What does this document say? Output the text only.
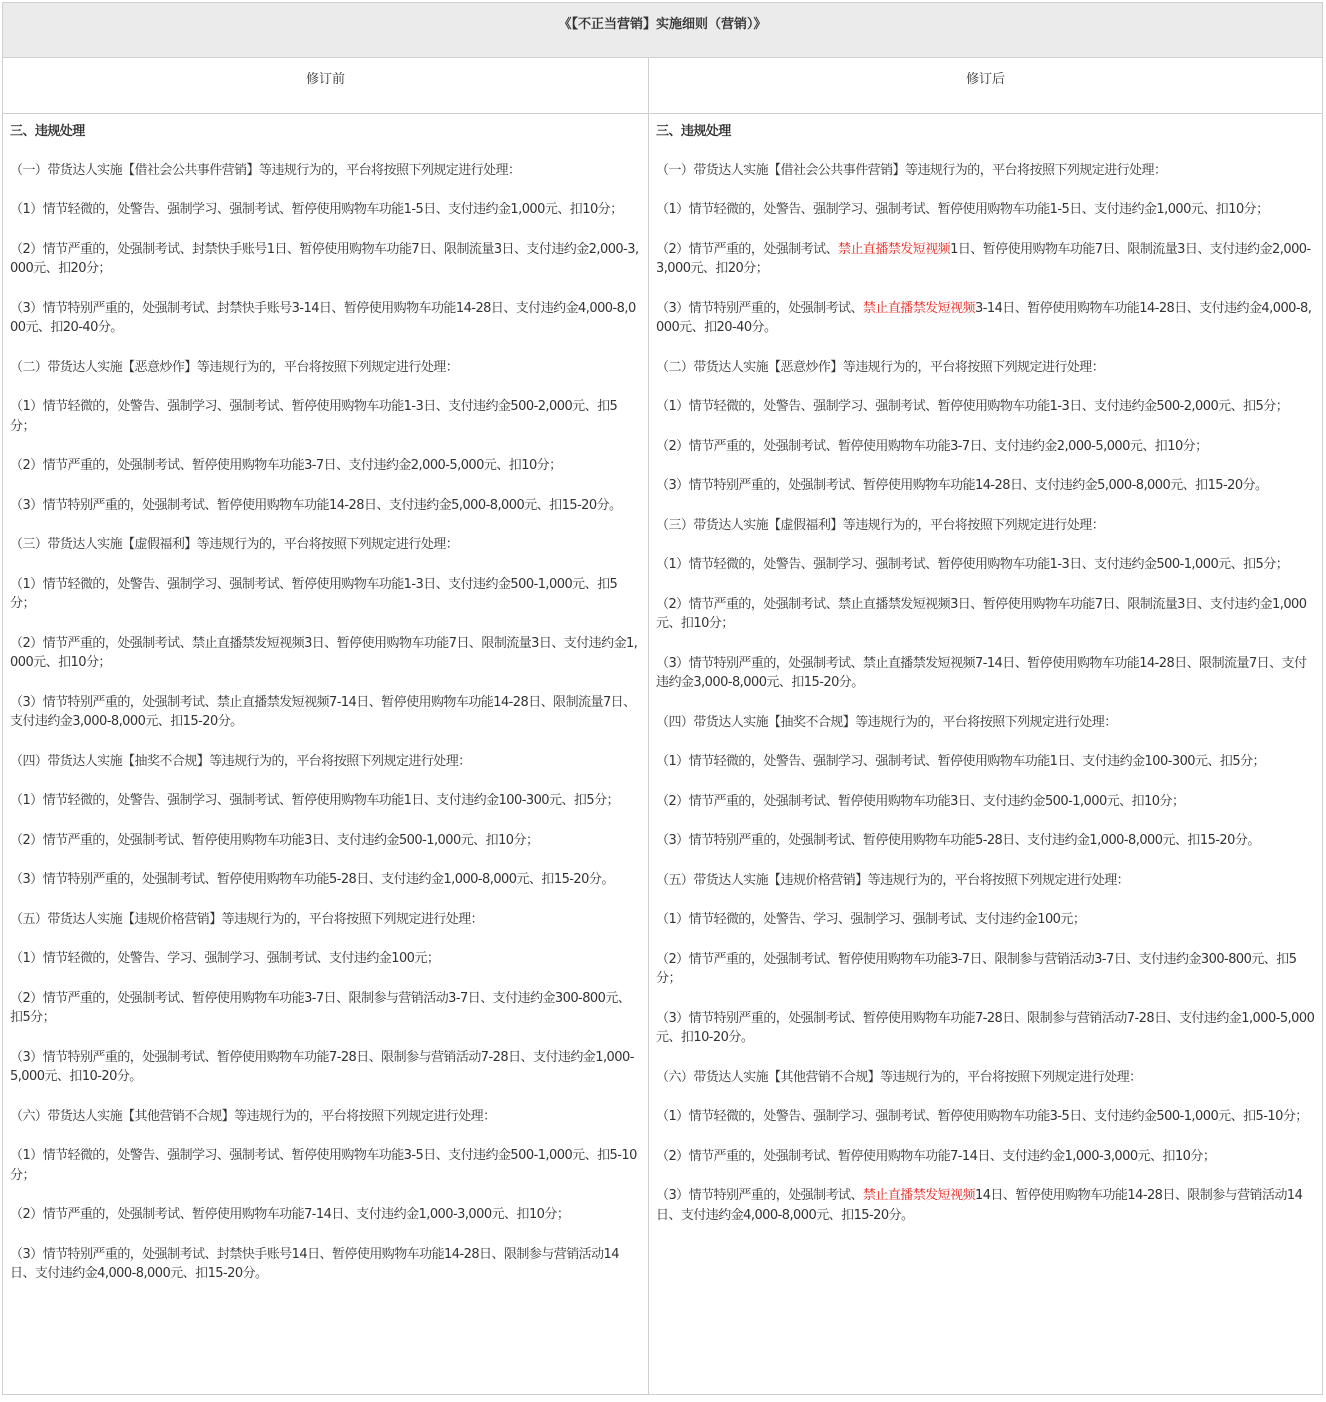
《【不正当营销】实施细则（营销）》
修订前	修订后

三、违规处理

（一）带货达人实施【借社会公共事件营销】等违规行为的，平台将按照下列规定进行处理：

（1）情节轻微的，处警告、强制学习、强制考试、暂停使用购物车功能1-5日、支付违约金1,000元、扣10分；

（2）情节严重的，处强制考试、封禁快手账号1日、暂停使用购物车功能7日、限制流量3日、支付违约金2,000-3,000元、扣20分；

（3）情节特别严重的，处强制考试、封禁快手账号3-14日、暂停使用购物车功能14-28日、支付违约金4,000-8,000元、扣20-40分。

（二）带货达人实施【恶意炒作】等违规行为的，平台将按照下列规定进行处理：

（1）情节轻微的，处警告、强制学习、强制考试、暂停使用购物车功能1-3日、支付违约金500-2,000元、扣5分；

（2）情节严重的，处强制考试、暂停使用购物车功能3-7日、支付违约金2,000-5,000元、扣10分；

（3）情节特别严重的，处强制考试、暂停使用购物车功能14-28日、支付违约金5,000-8,000元、扣15-20分。

（三）带货达人实施【虚假福利】等违规行为的，平台将按照下列规定进行处理：

（1）情节轻微的，处警告、强制学习、强制考试、暂停使用购物车功能1-3日、支付违约金500-1,000元、扣5分；

（2）情节严重的，处强制考试、禁止直播禁发短视频3日、暂停使用购物车功能7日、限制流量3日、支付违约金1,000元、扣10分；

（3）情节特别严重的，处强制考试、禁止直播禁发短视频7-14日、暂停使用购物车功能14-28日、限制流量7日、支付违约金3,000-8,000元、扣15-20分。

（四）带货达人实施【抽奖不合规】等违规行为的，平台将按照下列规定进行处理：

（1）情节轻微的，处警告、强制学习、强制考试、暂停使用购物车功能1日、支付违约金100-300元、扣5分；

（2）情节严重的，处强制考试、暂停使用购物车功能3日、支付违约金500-1,000元、扣10分；

（3）情节特别严重的，处强制考试、暂停使用购物车功能5-28日、支付违约金1,000-8,000元、扣15-20分。

（五）带货达人实施【违规价格营销】等违规行为的，平台将按照下列规定进行处理：

（1）情节轻微的，处警告、学习、强制学习、强制考试、支付违约金100元；

（2）情节严重的，处强制考试、暂停使用购物车功能3-7日、限制参与营销活动3-7日、支付违约金300-800元、扣5分；

（3）情节特别严重的，处强制考试、暂停使用购物车功能7-28日、限制参与营销活动7-28日、支付违约金1,000-5,000元、扣10-20分。

（六）带货达人实施【其他营销不合规】等违规行为的，平台将按照下列规定进行处理：

（1）情节轻微的，处警告、强制学习、强制考试、暂停使用购物车功能3-5日、支付违约金500-1,000元、扣5-10分；

（2）情节严重的，处强制考试、暂停使用购物车功能7-14日、支付违约金1,000-3,000元、扣10分；

（3）情节特别严重的，处强制考试、封禁快手账号14日、暂停使用购物车功能14-28日、限制参与营销活动14日、支付违约金4,000-8,000元、扣15-20分。

三、违规处理

（一）带货达人实施【借社会公共事件营销】等违规行为的，平台将按照下列规定进行处理：

（1）情节轻微的，处警告、强制学习、强制考试、暂停使用购物车功能1-5日、支付违约金1,000元、扣10分；

（2）情节严重的，处强制考试、禁止直播禁发短视频1日、暂停使用购物车功能7日、限制流量3日、支付违约金2,000-3,000元、扣20分；

（3）情节特别严重的，处强制考试、禁止直播禁发短视频3-14日、暂停使用购物车功能14-28日、支付违约金4,000-8,000元、扣20-40分。

（二）带货达人实施【恶意炒作】等违规行为的，平台将按照下列规定进行处理：

（1）情节轻微的，处警告、强制学习、强制考试、暂停使用购物车功能1-3日、支付违约金500-2,000元、扣5分；

（2）情节严重的，处强制考试、暂停使用购物车功能3-7日、支付违约金2,000-5,000元、扣10分；

（3）情节特别严重的，处强制考试、暂停使用购物车功能14-28日、支付违约金5,000-8,000元、扣15-20分。

（三）带货达人实施【虚假福利】等违规行为的，平台将按照下列规定进行处理：

（1）情节轻微的，处警告、强制学习、强制考试、暂停使用购物车功能1-3日、支付违约金500-1,000元、扣5分；

（2）情节严重的，处强制考试、禁止直播禁发短视频3日、暂停使用购物车功能7日、限制流量3日、支付违约金1,000元、扣10分；

（3）情节特别严重的，处强制考试、禁止直播禁发短视频7-14日、暂停使用购物车功能14-28日、限制流量7日、支付违约金3,000-8,000元、扣15-20分。

（四）带货达人实施【抽奖不合规】等违规行为的，平台将按照下列规定进行处理：

（1）情节轻微的，处警告、强制学习、强制考试、暂停使用购物车功能1日、支付违约金100-300元、扣5分；

（2）情节严重的，处强制考试、暂停使用购物车功能3日、支付违约金500-1,000元、扣10分；

（3）情节特别严重的，处强制考试、暂停使用购物车功能5-28日、支付违约金1,000-8,000元、扣15-20分。

（五）带货达人实施【违规价格营销】等违规行为的，平台将按照下列规定进行处理：

（1）情节轻微的，处警告、学习、强制学习、强制考试、支付违约金100元；

（2）情节严重的，处强制考试、暂停使用购物车功能3-7日、限制参与营销活动3-7日、支付违约金300-800元、扣5分；

（3）情节特别严重的，处强制考试、暂停使用购物车功能7-28日、限制参与营销活动7-28日、支付违约金1,000-5,000元、扣10-20分。

（六）带货达人实施【其他营销不合规】等违规行为的，平台将按照下列规定进行处理：

（1）情节轻微的，处警告、强制学习、强制考试、暂停使用购物车功能3-5日、支付违约金500-1,000元、扣5-10分；

（2）情节严重的，处强制考试、暂停使用购物车功能7-14日、支付违约金1,000-3,000元、扣10分；

（3）情节特别严重的，处强制考试、禁止直播禁发短视频14日、暂停使用购物车功能14-28日、限制参与营销活动14日、支付违约金4,000-8,000元、扣15-20分。
